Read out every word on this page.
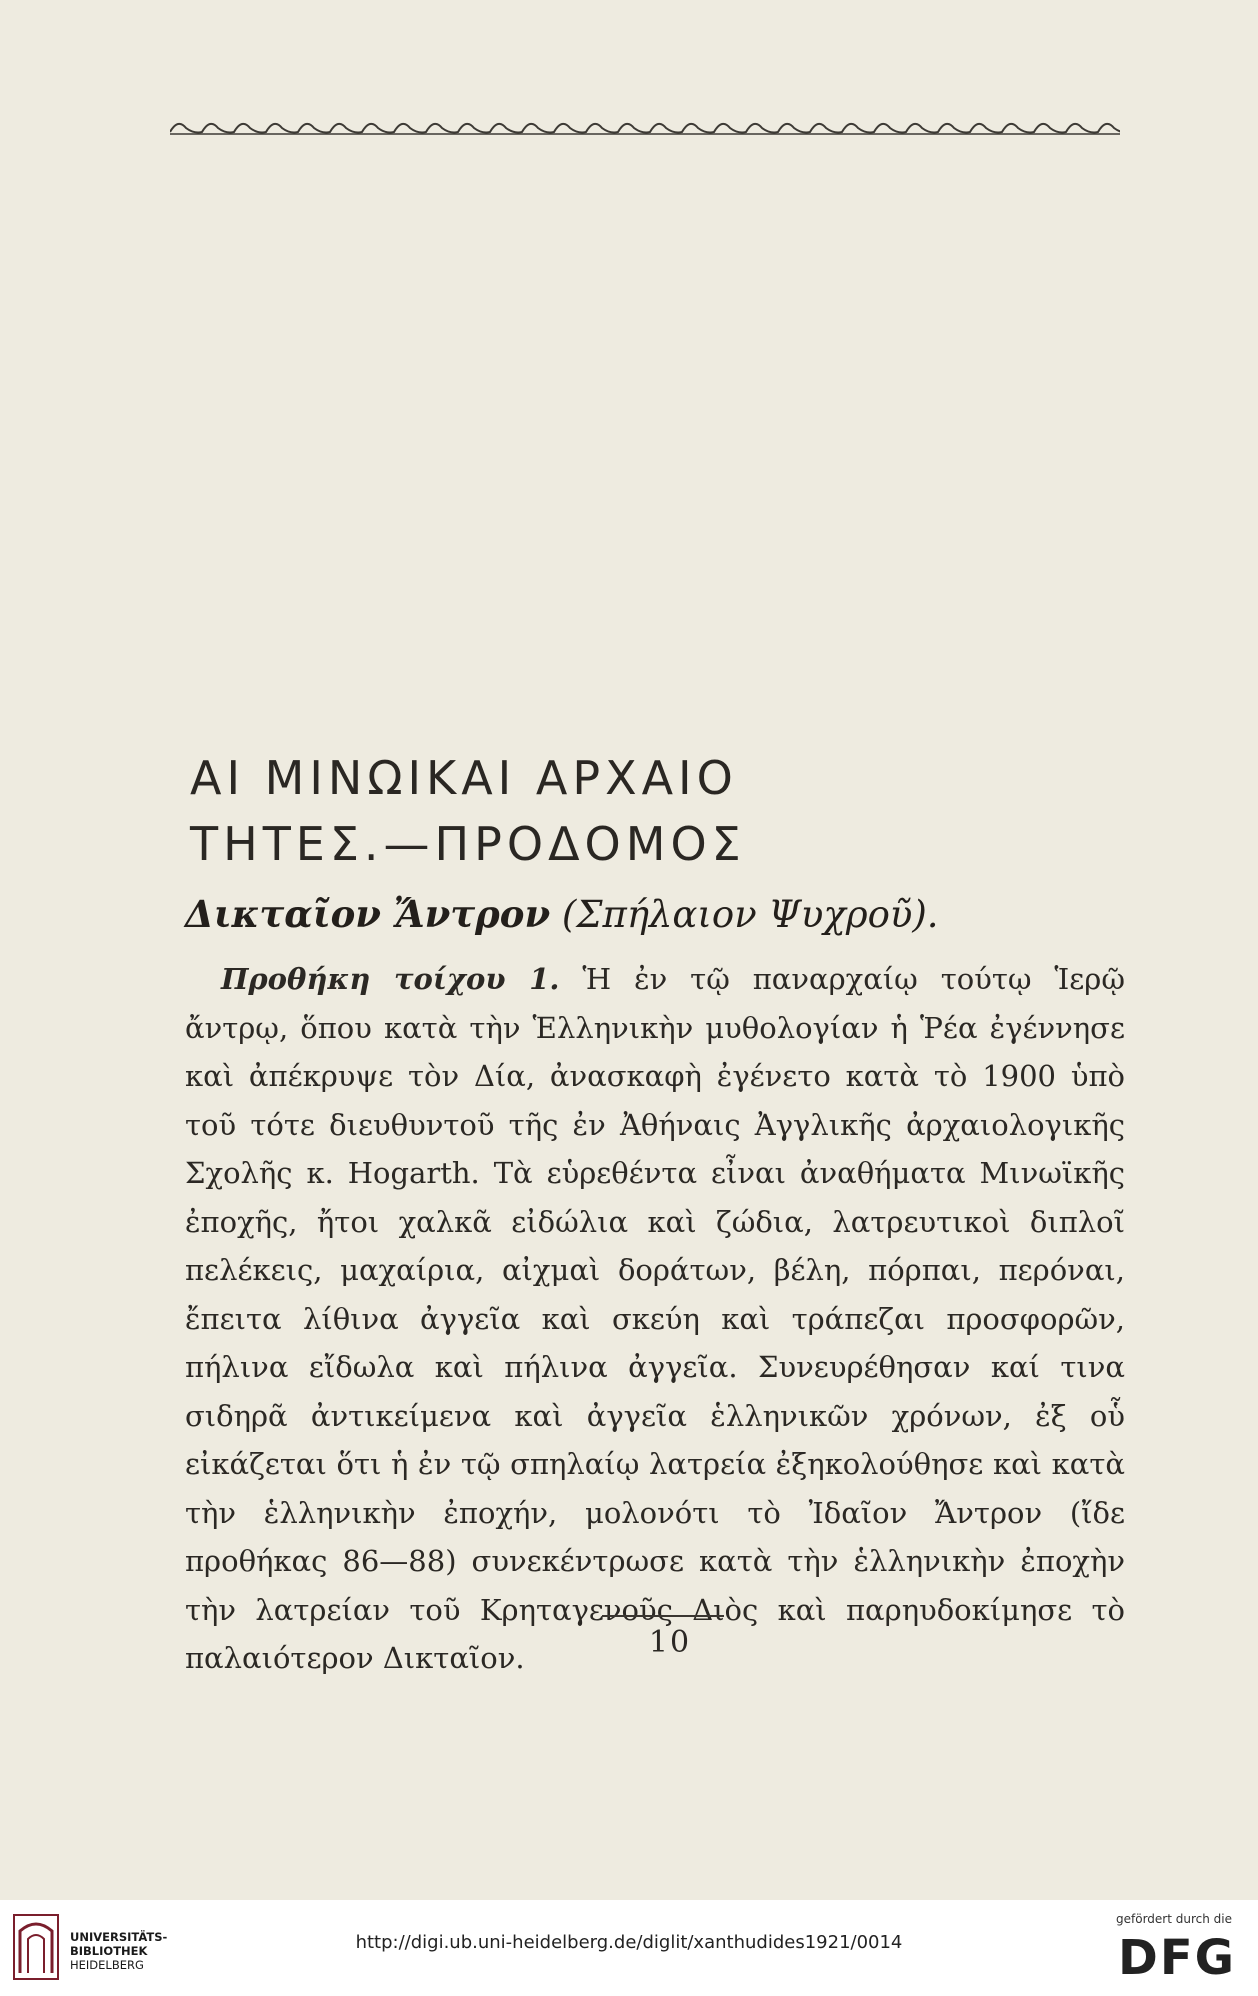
ΑΙ ΜΙΝΩΙΚΑΙ ΑΡΧΑΙΟ
ΤΗΤΕΣ.—ΠΡΟΔΟΜΟΣ
Δικταῖον Ἄντρον (Σπήλαιον Ψυχροῦ).
Προθήκη τοίχου 1. Ἡ ἐν τῷ παναρχαίῳ τούτῳ Ἱερῷ ἄντρῳ, ὅπου κατὰ τὴν Ἑλληνικὴν μυθολογίαν ἡ Ῥέα ἐγέννησε καὶ ἀπέκρυψε τὸν Δία, ἀνασκαφὴ ἐγένετο κατὰ τὸ 1900 ὑπὸ τοῦ τότε διευθυντοῦ τῆς ἐν Ἀθήναις Ἀγγλικῆς ἀρχαιολογικῆς Σχολῆς κ. Hogarth. Τὰ εὑρεθέντα εἶναι ἀναθήματα Μινωϊκῆς ἐποχῆς, ἤτοι χαλκᾶ εἰδώλια καὶ ζώδια, λατρευτικοὶ διπλοῖ πελέκεις, μαχαίρια, αἰχμαὶ δοράτων, βέλη, πόρπαι, περόναι, ἔπειτα λίθινα ἀγγεῖα καὶ σκεύη καὶ τράπεζαι προσφορῶν, πήλινα εἴδωλα καὶ πήλινα ἀγγεῖα. Συνευρέθησαν καί τινα σιδηρᾶ ἀντικείμενα καὶ ἀγγεῖα ἑλληνικῶν χρόνων, ἐξ οὗ εἰκάζεται ὅτι ἡ ἐν τῷ σπηλαίῳ λατρεία ἐξηκολούθησε καὶ κατὰ τὴν ἑλληνικὴν ἐποχήν, μολονότι τὸ Ἰδαῖον Ἄντρον (ἴδε προθήκας 86—88) συνεκέντρωσε κατὰ τὴν ἑλληνικὴν ἐποχὴν τὴν λατρείαν τοῦ Κρηταγενοῦς Διὸς καὶ παρηυδοκίμησε τὸ παλαιότερον Δικταῖον.	10
UNIVERSITÄTS-
BIBLIOTHEK
HEIDELBERG
http://digi.ub.uni-heidelberg.de/diglit/xanthudides1921/0014
gefördert durch die
DFG
